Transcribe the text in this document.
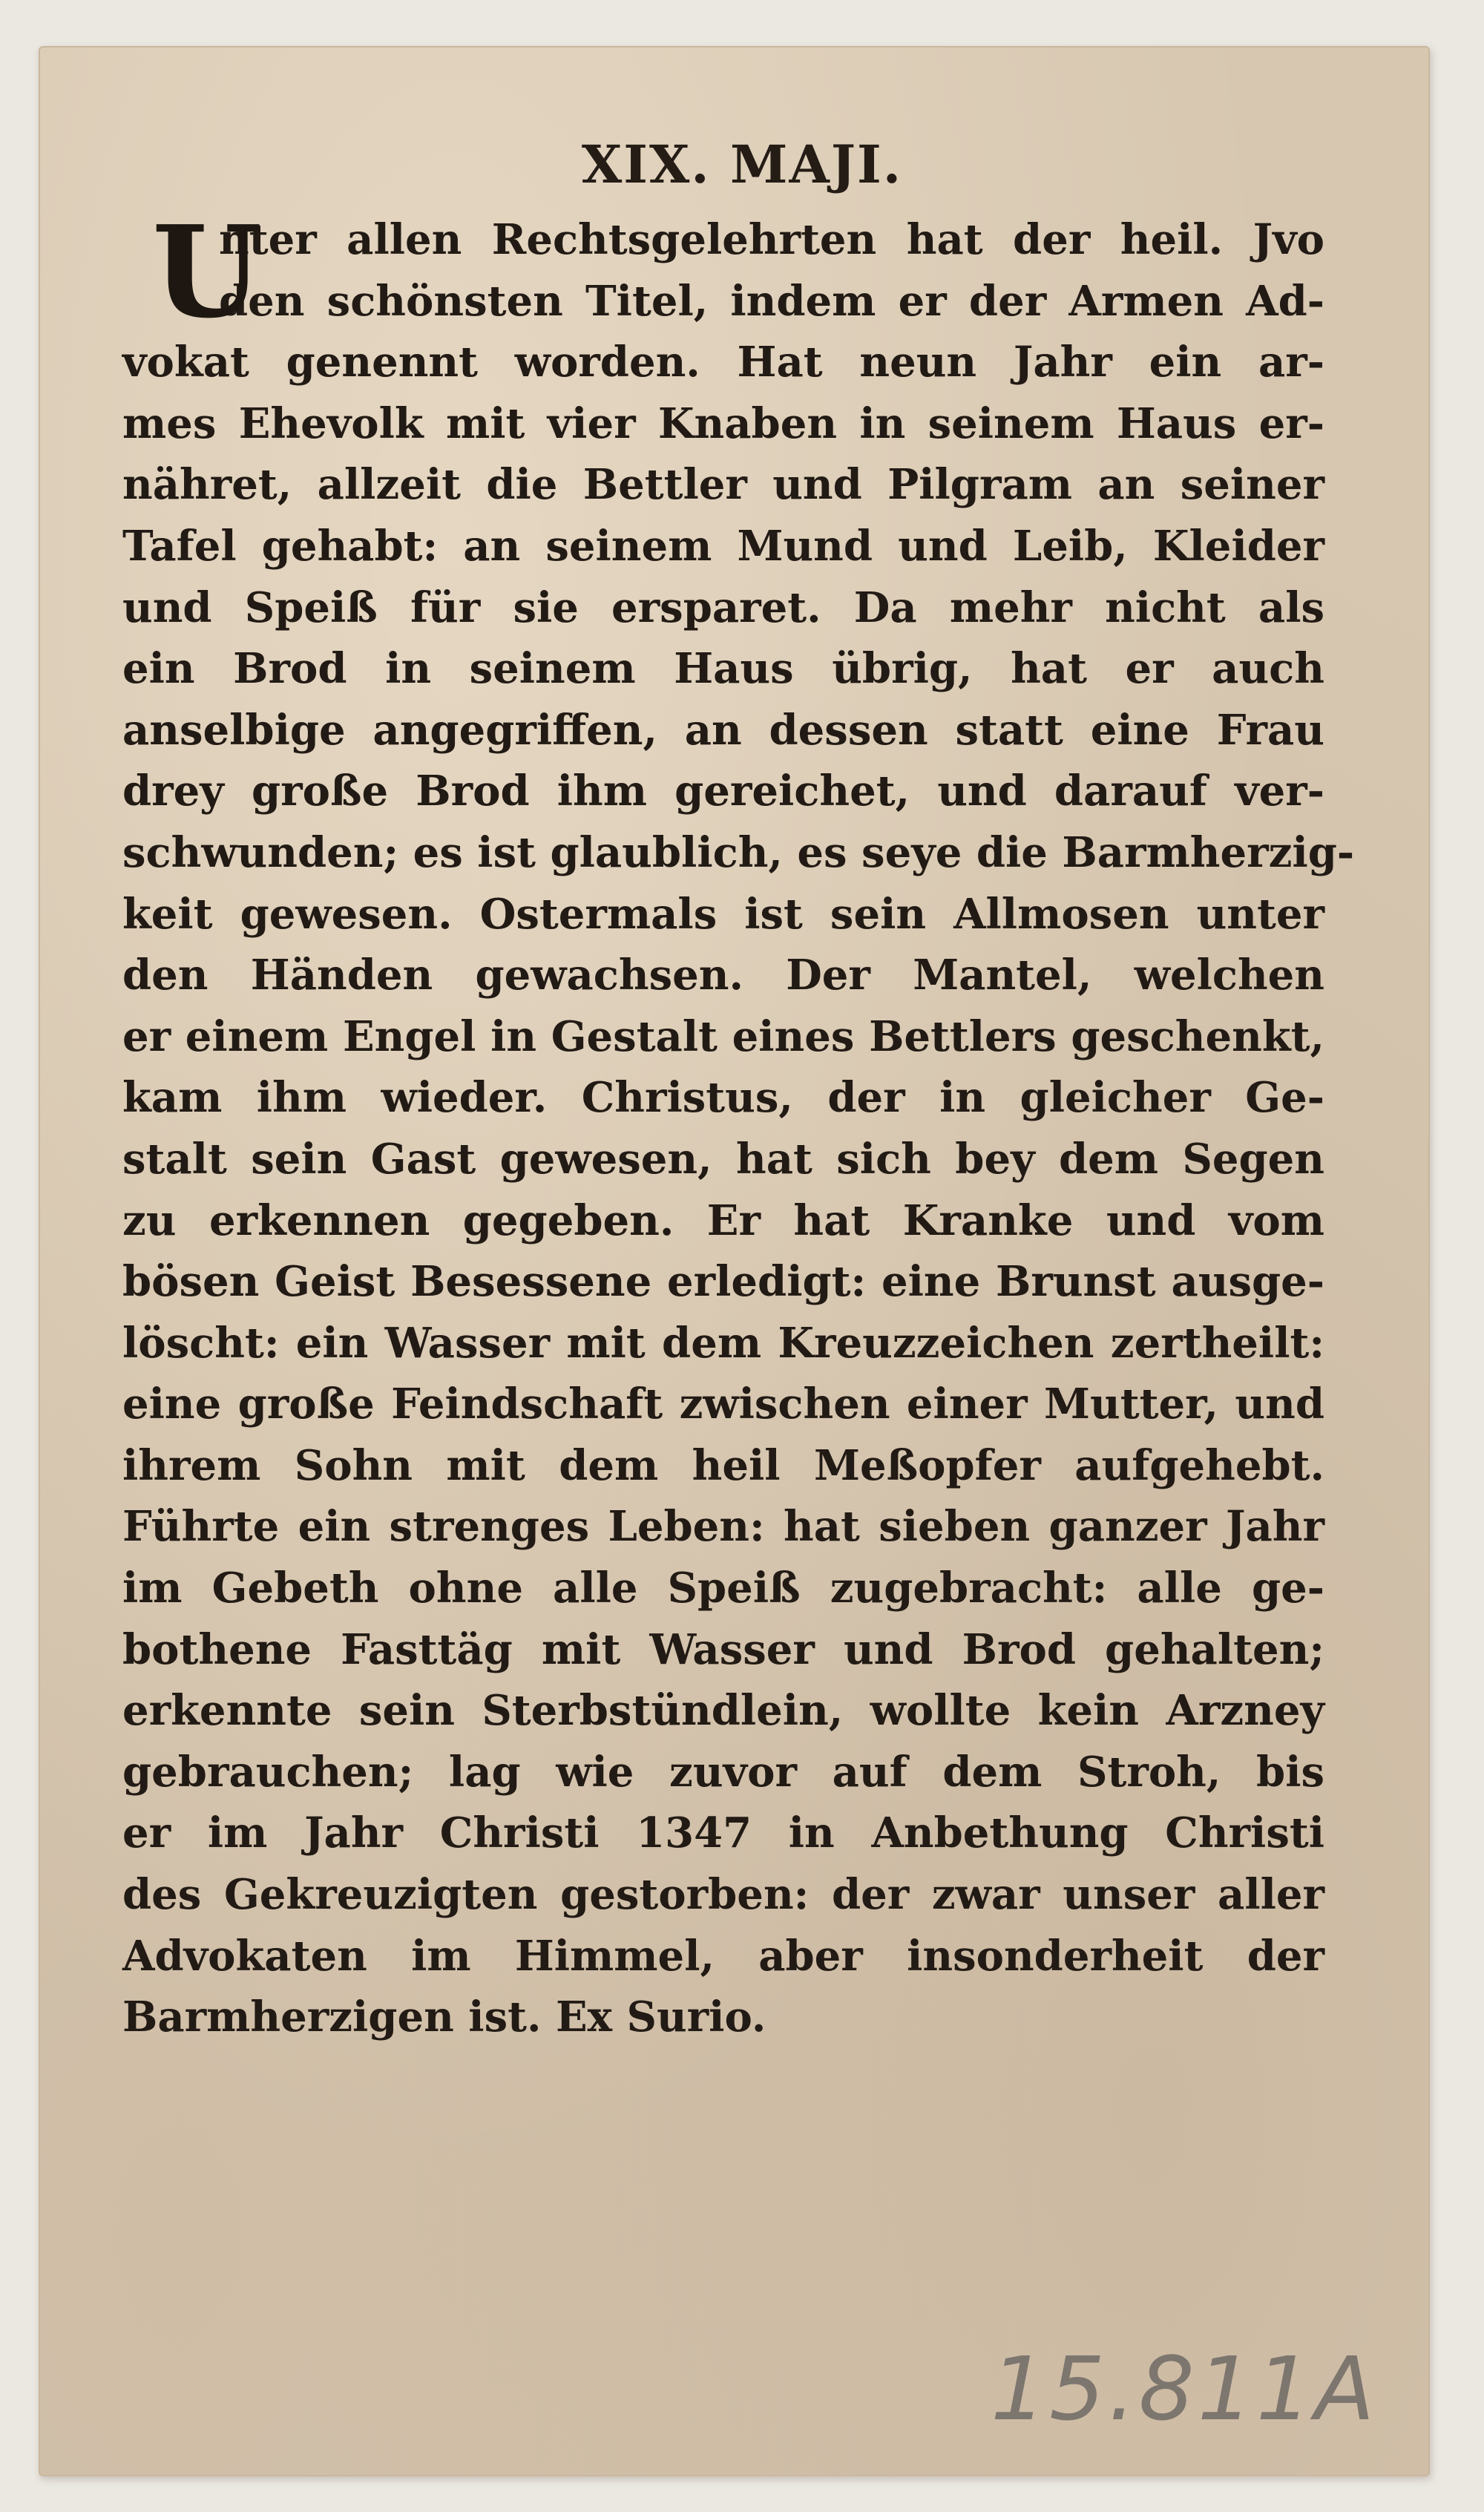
XIX. MAJI.
U
nter allen Rechtsgelehrten hat der heil. Jvo
den schönsten Titel, indem er der Armen Ad-
vokat genennt worden. Hat neun Jahr ein ar-
mes Ehevolk mit vier Knaben in seinem Haus er-
nähret, allzeit die Bettler und Pilgram an seiner
Tafel gehabt: an seinem Mund und Leib, Kleider
und Speiß für sie ersparet. Da mehr nicht als
ein Brod in seinem Haus übrig, hat er auch
anselbige angegriffen, an dessen statt eine Frau
drey große Brod ihm gereichet, und darauf ver-
schwunden; es ist glaublich, es seye die Barmherzig-
keit gewesen. Ostermals ist sein Allmosen unter
den Händen gewachsen. Der Mantel, welchen
er einem Engel in Gestalt eines Bettlers geschenkt,
kam ihm wieder. Christus, der in gleicher Ge-
stalt sein Gast gewesen, hat sich bey dem Segen
zu erkennen gegeben. Er hat Kranke und vom
bösen Geist Besessene erledigt: eine Brunst ausge-
löscht: ein Wasser mit dem Kreuzzeichen zertheilt:
eine große Feindschaft zwischen einer Mutter, und
ihrem Sohn mit dem heil Meßopfer aufgehebt.
Führte ein strenges Leben: hat sieben ganzer Jahr
im Gebeth ohne alle Speiß zugebracht: alle ge-
bothene Fasttäg mit Wasser und Brod gehalten;
erkennte sein Sterbstündlein, wollte kein Arzney
gebrauchen; lag wie zuvor auf dem Stroh, bis
er im Jahr Christi 1347 in Anbethung Christi
des Gekreuzigten gestorben: der zwar unser aller
Advokaten im Himmel, aber insonderheit der
Barmherzigen ist. Ex Surio.
15.811A
